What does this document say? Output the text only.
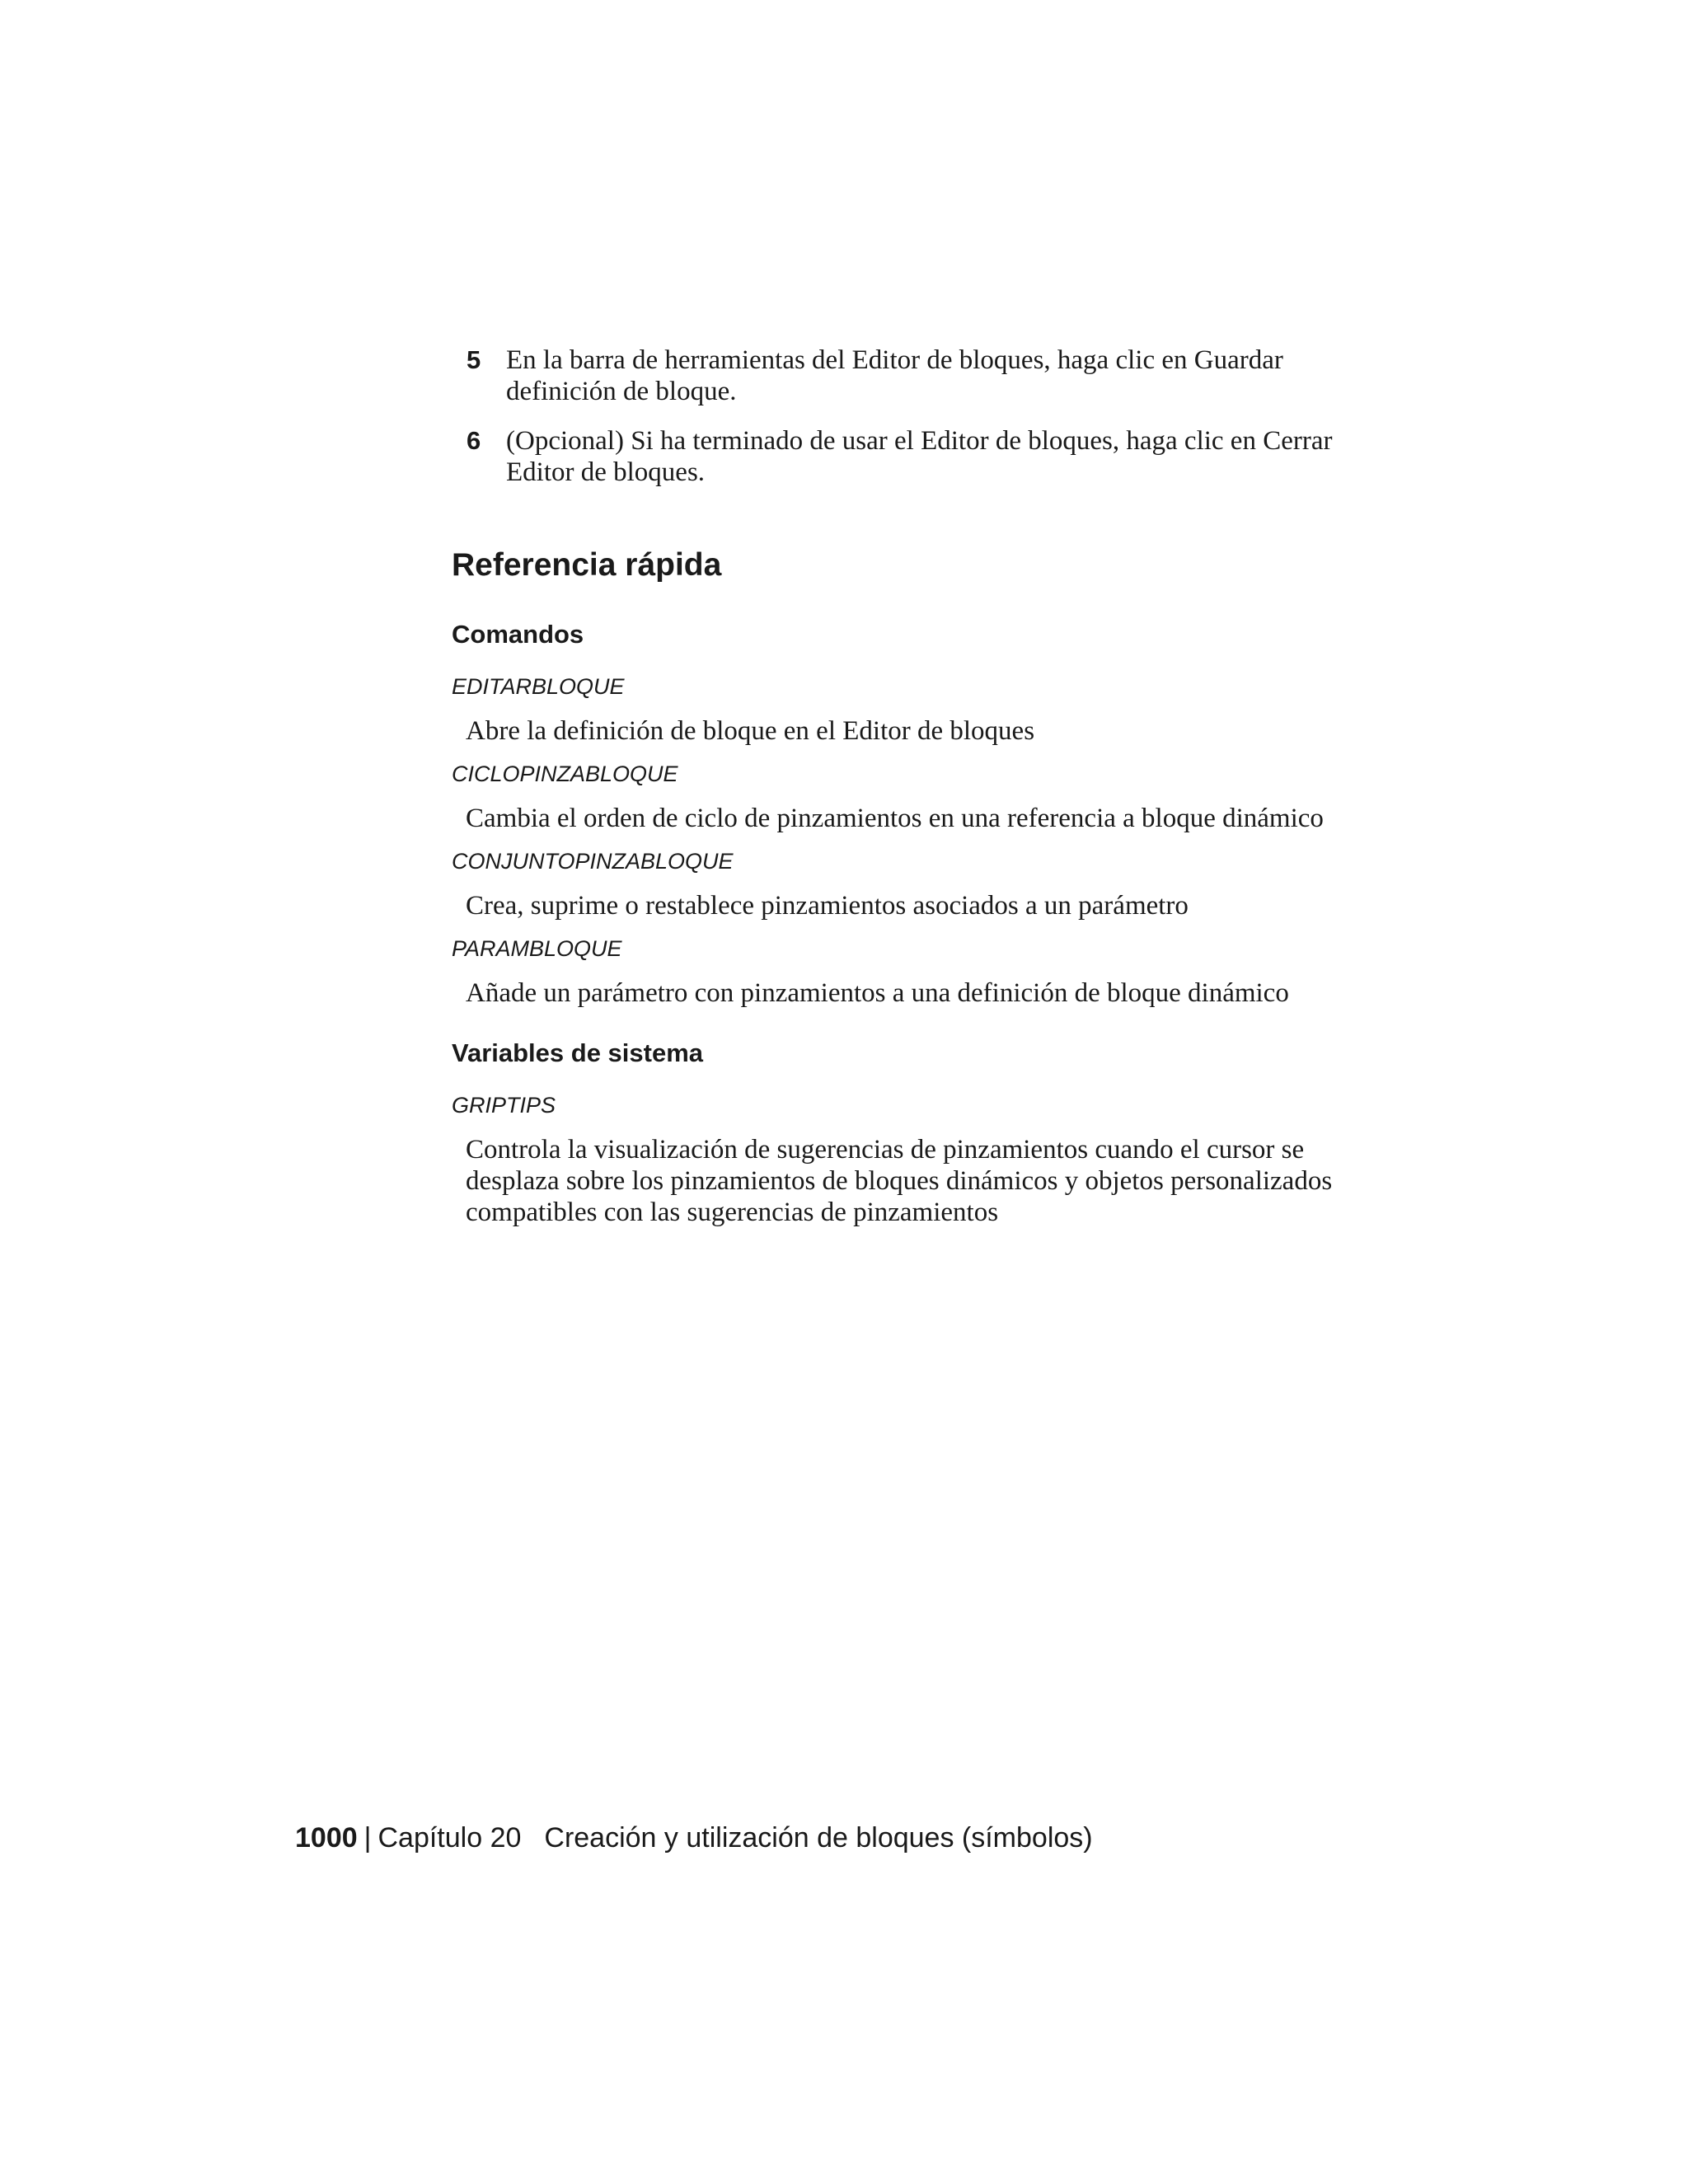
5 En la barra de herramientas del Editor de bloques, haga clic en Guardar definición de bloque.
6 (Opcional) Si ha terminado de usar el Editor de bloques, haga clic en Cerrar Editor de bloques.
Referencia rápida
Comandos
EDITARBLOQUE
Abre la definición de bloque en el Editor de bloques
CICLOPINZABLOQUE
Cambia el orden de ciclo de pinzamientos en una referencia a bloque dinámico
CONJUNTOPINZABLOQUE
Crea, suprime o restablece pinzamientos asociados a un parámetro
PARAMBLOQUE
Añade un parámetro con pinzamientos a una definición de bloque dinámico
Variables de sistema
GRIPTIPS
Controla la visualización de sugerencias de pinzamientos cuando el cursor se desplaza sobre los pinzamientos de bloques dinámicos y objetos personalizados compatibles con las sugerencias de pinzamientos
1000 | Capítulo 20 Creación y utilización de bloques (símbolos)
